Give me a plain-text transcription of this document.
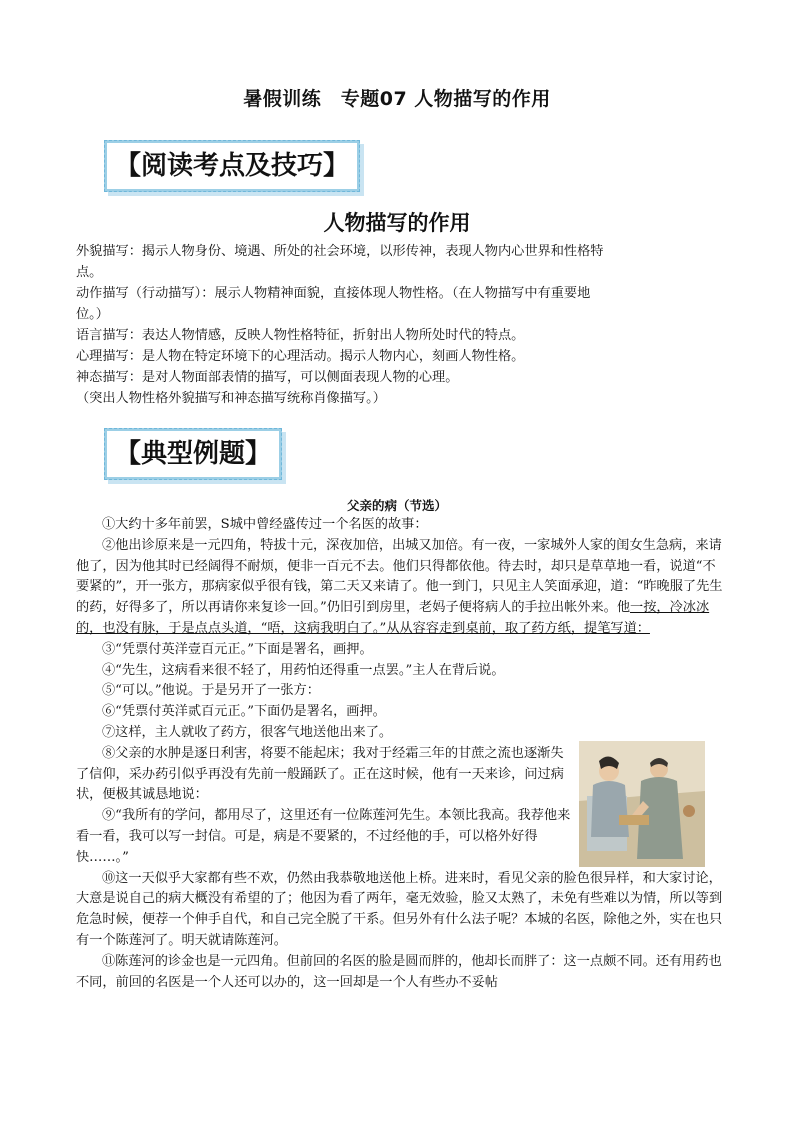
暑假训练　专题07 人物描写的作用
【阅读考点及技巧】
人物描写的作用

外貌描写：揭示人物身份、境遇、所处的社会环境，以形传神，表现人物内心世界和性格特

点。

动作描写（行动描写）：展示人物精神面貌，直接体现人物性格。（在人物描写中有重要地

位。）

语言描写：表达人物情感，反映人物性格特征，折射出人物所处时代的特点。

心理描写：是人物在特定环境下的心理活动。揭示人物内心，刻画人物性格。

神态描写：是对人物面部表情的描写，可以侧面表现人物的心理。

（突出人物性格外貌描写和神态描写统称肖像描写。）

【典型例题】
父亲的病（节选）

①大约十多年前罢，S城中曾经盛传过一个名医的故事：

②他出诊原来是一元四角，特拔十元，深夜加倍，出城又加倍。有一夜，一家城外人家的闺女生急病，来请他了，因为他其时已经阔得不耐烦，便非一百元不去。他们只得都依他。待去时，却只是草草地一看，说道“不要紧的”，开一张方，那病家似乎很有钱，第二天又来请了。他一到门，只见主人笑面承迎，道：“昨晚服了先生的药，好得多了，所以再请你来复诊一回。”仍旧引到房里，老妈子便将病人的手拉出帐外来。他一按，冷冰冰的，也没有脉，于是点点头道，“唔，这病我明白了。”从从容容走到桌前，取了药方纸，提笔写道：

③“凭票付英洋壹百元正。”下面是署名，画押。

④“先生，这病看来很不轻了，用药怕还得重一点罢。”主人在背后说。

⑤“可以。”他说。于是另开了一张方：

⑥“凭票付英洋贰百元正。”下面仍是署名，画押。

⑦这样，主人就收了药方，很客气地送他出来了。

⑧父亲的水肿是逐日利害，将要不能起床；我对于经霜三年的甘蔗之流也逐渐失了信仰，采办药引似乎再没有先前一般踊跃了。正在这时候，他有一天来诊，问过病状，便极其诚恳地说：

⑨“我所有的学问，都用尽了，这里还有一位陈莲河先生。本领比我高。我荐他来看一看，我可以写一封信。可是，病是不要紧的，不过经他的手，可以格外好得快……。”

⑩这一天似乎大家都有些不欢，仍然由我恭敬地送他上桥。进来时，看见父亲的脸色很异样，和大家讨论，大意是说自己的病大概没有希望的了；他因为看了两年，毫无效验，脸又太熟了，未免有些难以为情，所以等到危急时候，便荐一个伸手自代，和自己完全脱了干系。但另外有什么法子呢？本城的名医，除他之外，实在也只有一个陈莲河了。明天就请陈莲河。

⑪陈莲河的诊金也是一元四角。但前回的名医的脸是圆而胖的，他却长而胖了：这一点颇不同。还有用药也不同，前回的名医是一个人还可以办的，这一回却是一个人有些办不妥帖
